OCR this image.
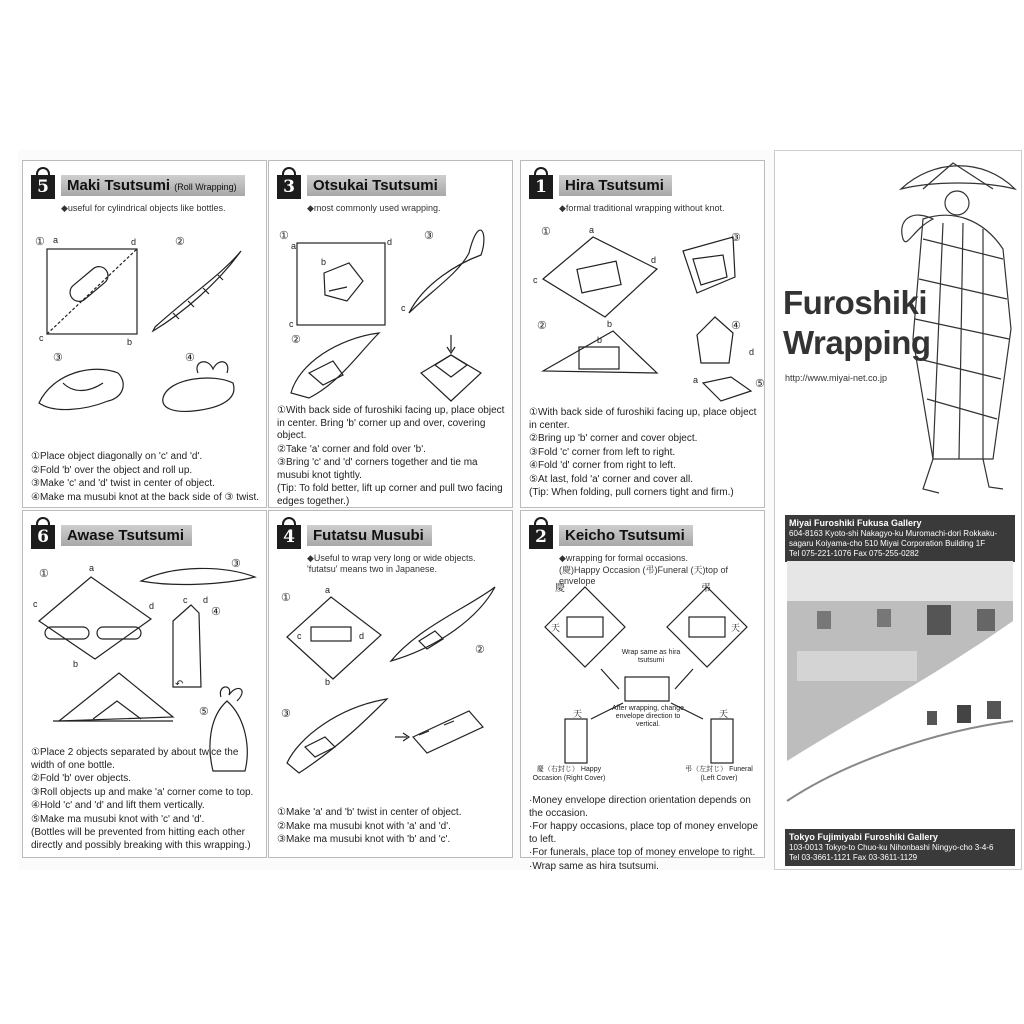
5	Maki Tsutsumi (Roll Wrapping)
◆useful for cylindrical objects like bottles.
① a
c	b
d	②
③	④

①Place object diagonally on 'c' and 'd'.

②Fold 'b' over the object and roll up.

③Make 'c' and 'd' twist in center of object.

④Make ma musubi knot at the back side of ③ twist.

3	Otsukai Tsutsumi
◆most commonly used wrapping.
①
a
c
b
d	③
c
②

①With back side of furoshiki facing up, place object in center. Bring 'b' corner up and over, covering object.

②Take 'a' corner and fold over 'b'.

③Bring 'c' and 'd' corners together and tie ma musubi knot tightly.

(Tip: To fold better, lift up corner and pull two facing edges together.)

1	Hira Tsutsumi
◆formal traditional wrapping without knot.
①	a
c
d
b
③
②
b
④
d
⑤
a

①With back side of furoshiki facing up, place object in center.

②Bring up 'b' corner and cover object.

③Fold 'c' corner from left to right.

④Fold 'd' corner from right to left.

⑤At last, fold 'a' corner and cover all.

(Tip: When folding, pull corners tight and firm.)

6	Awase Tsutsumi
①	a
c	d
b
③
④
c d
⑤
↶

①Place 2 objects separated by about twice the width of one bottle.

②Fold 'b' over objects.

③Roll objects up and make 'a' corner come to top.

④Hold 'c' and 'd' and lift them vertically.

⑤Make ma musubi knot with 'c' and 'd'.

(Bottles will be prevented from hitting each other directly and possibly breaking with this wrapping.)

4	Futatsu Musubi
◆Useful to wrap very long or wide objects. 'futatsu' means two in Japanese.
①
c	d
a
b
②
③

①Make 'a' and 'b' twist in center of object.

②Make ma musubi knot with 'a' and 'd'.

③Make ma musubi knot with 'b' and 'c'.

2	Keicho Tsutsumi
◆wrapping for formal occasions.
(慶)Happy Occasion (弔)Funeral (天)top of envelope
慶	弔
天	天
Wrap same as hira tsutsumi
After wrapping, change envelope direction to vertical.
天	天
慶（右封じ） Happy Occasion (Right Cover)
弔（左封じ） Funeral (Left Cover)

·Money envelope direction orientation depends on the occasion.

·For happy occasions, place top of money envelope to left.

·For funerals, place top of money envelope to right.

·Wrap same as hira tsutsumi.

Furoshiki
Wrapping
http://www.miyai-net.co.jp
Miyai Furoshiki Fukusa Gallery
604-8163 Kyoto-shi Nakagyo-ku Muromachi-dori Rokkaku-sagaru Koiyama-cho 510 Miyai Corporation Building 1F
Tel 075-221-1076 Fax 075-255-0282
Tokyo Fujimiyabi Furoshiki Gallery
103-0013 Tokyo-to Chuo-ku Nihonbashi Ningyo-cho 3-4-6
Tel 03-3661-1121 Fax 03-3611-1129
